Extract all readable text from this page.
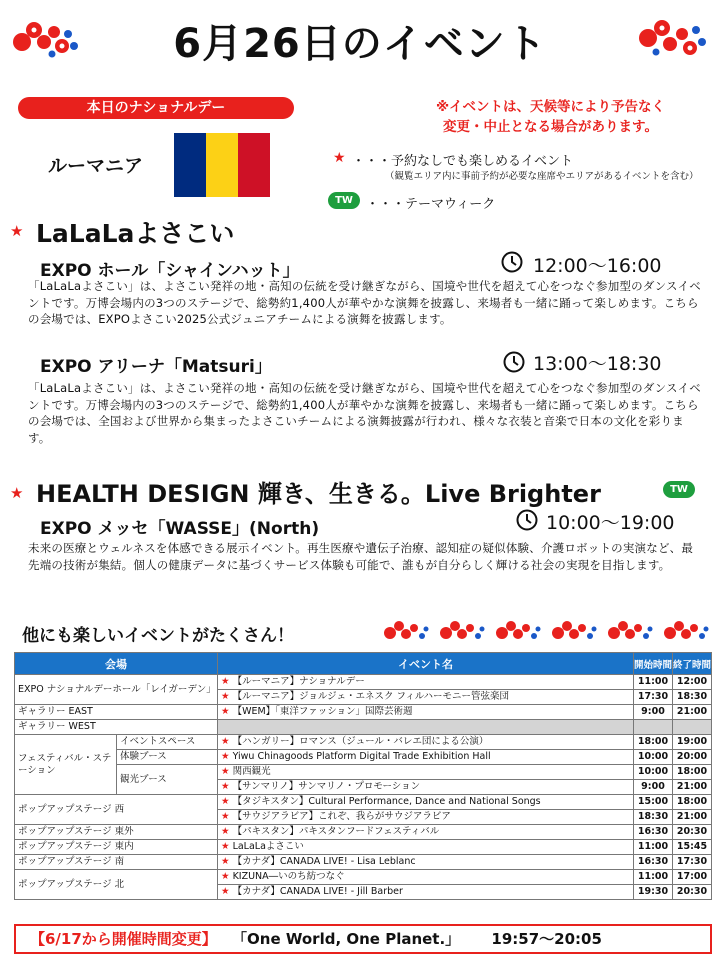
6月26日のイベント
本日のナショナルデー	※イベントは、天候等により予告なく
変更・中止となる場合があります。
ルーマニア	★ ・・・予約なしでも楽しめるイベント
（観覧エリア内に事前予約が必要な座席やエリアがあるイベントを含む）
TW	・・・テーマウィーク
★ LaLaLaよさこい
EXPO ホール「シャインハット」	12:00〜16:00
「LaLaLaよさこい」は、よさこい発祥の地・高知の伝統を受け継ぎながら、国境や世代を超えて心をつなぐ参加型のダンスイベントです。万博会場内の3つのステージで、総勢約1,400人が華やかな演舞を披露し、来場者も一緒に踊って楽しめます。こちらの会場では、EXPOよさこい2025公式ジュニアチームによる演舞を披露します。
EXPO アリーナ「Matsuri」	13:00〜18:30
「LaLaLaよさこい」は、よさこい発祥の地・高知の伝統を受け継ぎながら、国境や世代を超えて心をつなぐ参加型のダンスイベントです。万博会場内の3つのステージで、総勢約1,400人が華やかな演舞を披露し、来場者も一緒に踊って楽しめます。こちらの会場では、全国および世界から集まったよさこいチームによる演舞披露が行われ、様々な衣装と音楽で日本の文化を彩ります。
★ HEALTH DESIGN 輝き、生きる。Live Brighter	TW
EXPO メッセ「WASSE」(North)	10:00〜19:00
未来の医療とウェルネスを体感できる展示イベント。再生医療や遺伝子治療、認知症の疑似体験、介護ロボットの実演など、最先端の技術が集結。個人の健康データに基づくサービス体験も可能で、誰もが自分らしく輝ける社会の実現を目指します。
他にも楽しいイベントがたくさん！
会場		イベント名	開始時間	終了時間
EXPO ナショナルデーホール「レイガーデン」		★ 【ルーマニア】ナショナルデー	11:00	12:00
		★ 【ルーマニア】ジョルジェ・エネスク フィルハーモニー管弦楽団	17:30	18:30
ギャラリー EAST		★ 【WEM】「東洋ファッション」国際芸術週	9:00	21:00
ギャラリー WEST				
フェスティバル・ステーション	イベントスペース	★ 【ハンガリー】ロマンス（ジュール・バレエ団による公演）	18:00	19:00
	体験ブース	★ Yiwu Chinagoods Platform Digital Trade Exhibition Hall	10:00	20:00
	観光ブース	★ 関西観光	10:00	18:00
		★ 【サンマリノ】サンマリノ・プロモーション	9:00	21:00
ポップアップステージ 西		★ 【タジキスタン】Cultural Performance, Dance and National Songs	15:00	18:00
		★ 【サウジアラビア】これぞ、我らがサウジアラビア	18:30	21:00
ポップアップステージ 東外		★ 【パキスタン】パキスタンフードフェスティバル	16:30	20:30
ポップアップステージ 東内		★ LaLaLaよさこい	11:00	15:45
ポップアップステージ 南		★ 【カナダ】CANADA LIVE! - Lisa Leblanc	16:30	17:30
ポップアップステージ 北		★ KIZUNA―いのち紡つなぐ	11:00	17:00
		★ 【カナダ】CANADA LIVE! - Jill Barber	19:30	20:30
【6/17から開催時間変更】 「One World, One Planet.」 19:57〜20:05
